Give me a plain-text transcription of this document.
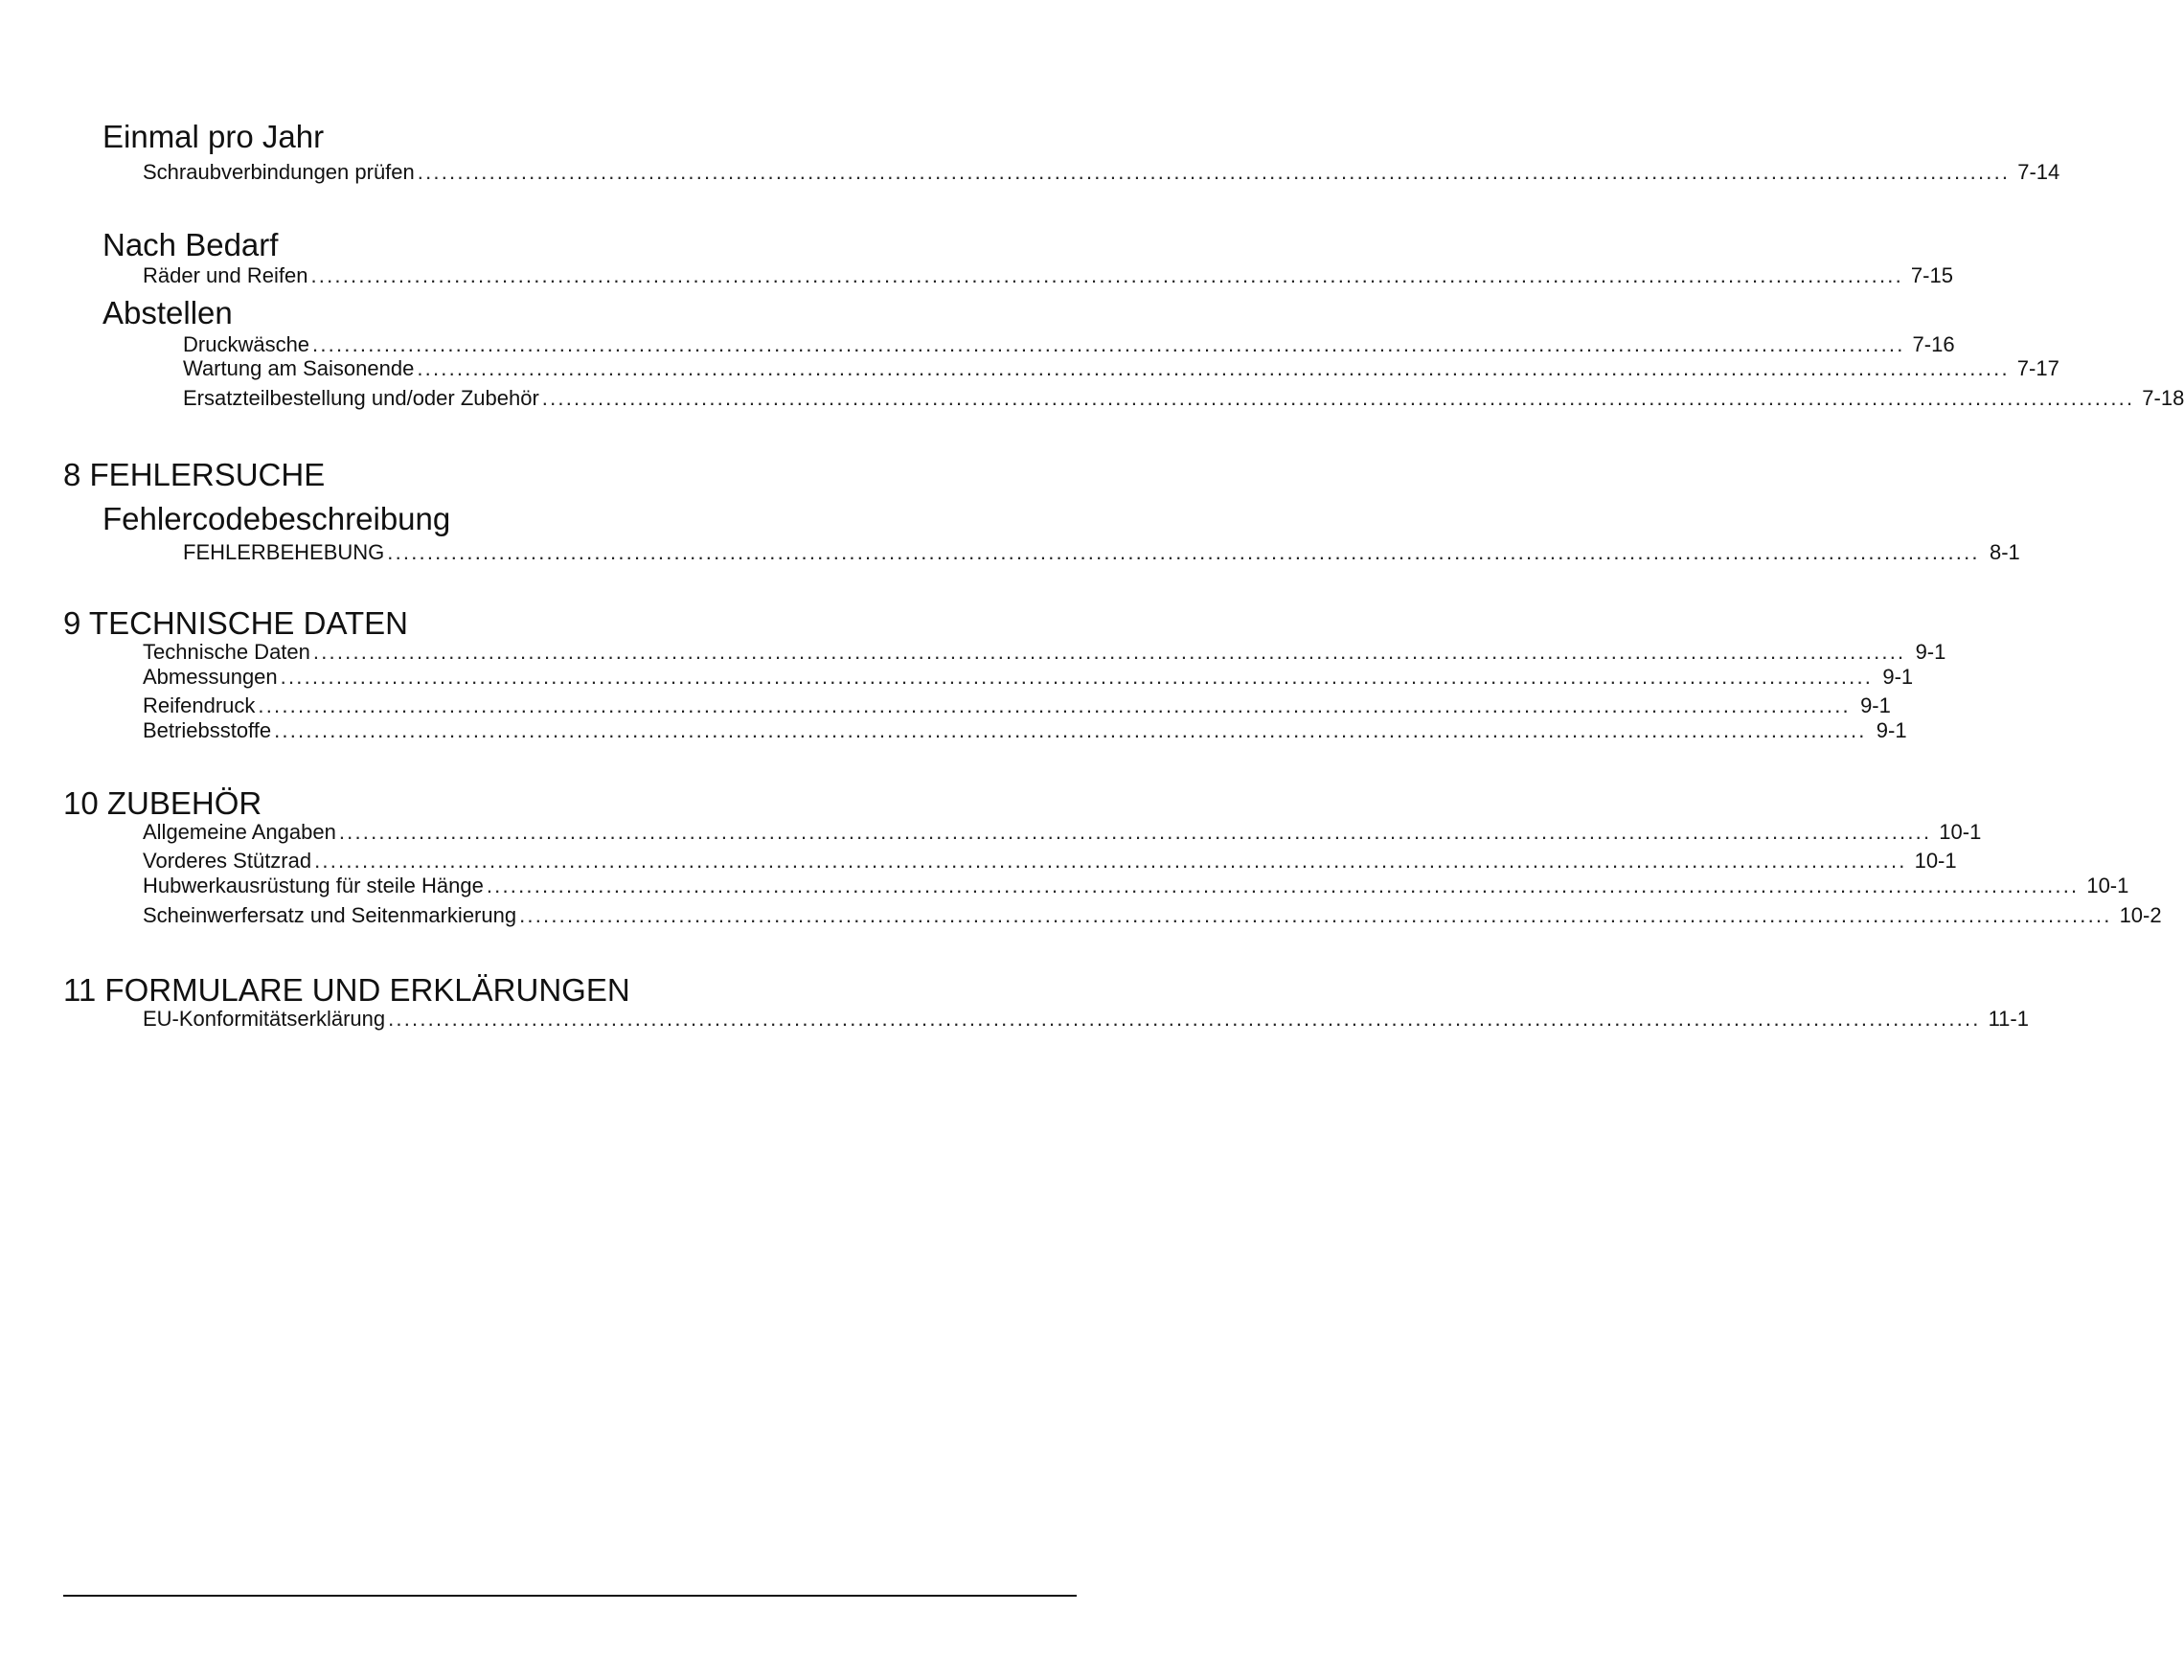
Einmal pro Jahr
Schraubverbindungen prüfen ........................................................................................................................................................................................................ 7-14
Nach Bedarf
Räder und Reifen ........................................................................................................................................................................................................ 7-15
Abstellen
Druckwäsche ........................................................................................................................................................................................................ 7-16
Wartung am Saisonende ........................................................................................................................................................................................................ 7-17
Ersatzteilbestellung und/oder Zubehör ........................................................................................................................................................................................................ 7-18
8 FEHLERSUCHE
Fehlercodebeschreibung
FEHLERBEHEBUNG ........................................................................................................................................................................................................ 8-1
9 TECHNISCHE DATEN
Technische Daten ........................................................................................................................................................................................................ 9-1
Abmessungen ........................................................................................................................................................................................................ 9-1
Reifendruck ........................................................................................................................................................................................................ 9-1
Betriebsstoffe ........................................................................................................................................................................................................ 9-1
10 ZUBEHÖR
Allgemeine Angaben ........................................................................................................................................................................................................ 10-1
Vorderes Stützrad ........................................................................................................................................................................................................ 10-1
Hubwerkausrüstung für steile Hänge ........................................................................................................................................................................................................ 10-1
Scheinwerfersatz und Seitenmarkierung ........................................................................................................................................................................................................ 10-2
11 FORMULARE UND ERKLÄRUNGEN
EU-Konformitätserklärung ........................................................................................................................................................................................................ 11-1
